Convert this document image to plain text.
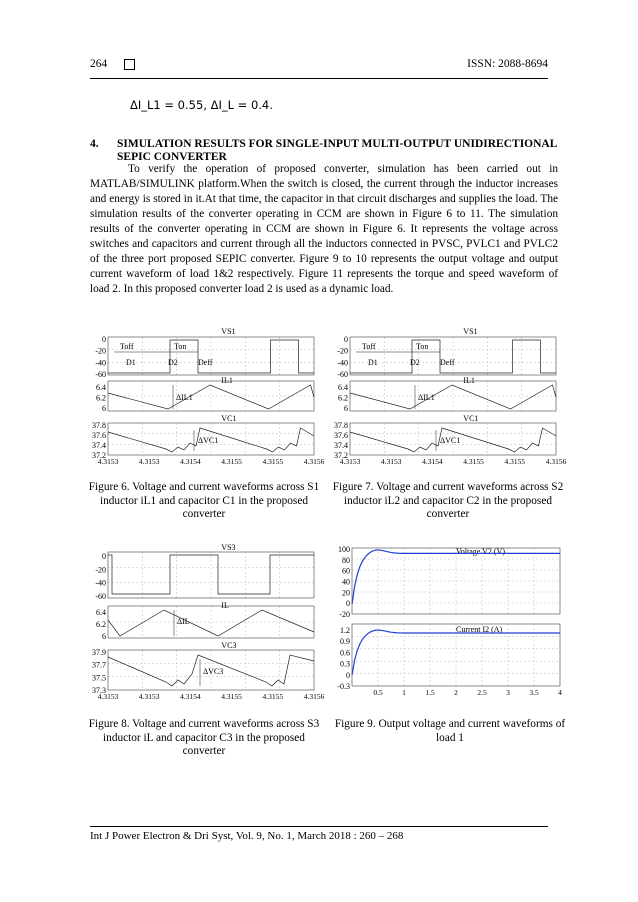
264	ISSN: 2088-8694
ΔI_L1 = 0.55, ΔI_L = 0.4.
4. SIMULATION RESULTS FOR SINGLE-INPUT MULTI-OUTPUT UNIDIRECTIONAL SEPIC CONVERTER
To verify the operation of proposed converter, simulation has been carried out in MATLAB/SIMULINK platform.When the switch is closed, the current through the inductor increases and energy is stored in it.At that time, the capacitor in that circuit discharges and supplies the load. The simulation results of the converter operating in CCM are shown in Figure 6 to 11. The simulation results of the converter operating in CCM are shown in Figure 6. It represents the voltage across switches and capacitors and current through all the inductors connected in PVSC, PVLC1 and PVLC2 of the three port proposed SEPIC converter. Figure 9 to 10 represents the output voltage and output current waveform of load 1&2 respectively. Figure 11 represents the torque and speed waveform of load 2. In this proposed converter load 2 is used as a dynamic load.
VS1
IL1
VC1
0
-20
-40
-60
6.4
6.2
6
37.8
37.6
37.4
37.2
4.3153	4.3153	4.3154	4.3155	4.3155	4.3156
Toff	Ton
D1	D2	Deff
ΔIL1
ΔVC1
Figure 6. Voltage and current waveforms across S1 inductor iL1 and capacitor C1 in the proposed converter
VS1
IL1
VC1
0
-20
-40
-60
6.4
6.2
6
37.8
37.6
37.4
37.2
4.3153	4.3153	4.3154	4.3155	4.3155	4.3156
Toff	Ton
D1	D2	Deff
ΔIL1
ΔVC1
Figure 7. Voltage and current waveforms across S2 inductor iL2 and capacitor C2 in the proposed converter
VS3
IL
VC3
0
-20
-40
-60
6.4
6.2
6
37.9
37.7
37.5
37.3
4.3153	4.3153	4.3154	4.3155	4.3155	4.3156
ΔIL
ΔVC3
Figure 8. Voltage and current waveforms across S3 inductor iL and capacitor C3 in the proposed converter
100
80
60
40
20
0
-20
1.2
0.9
0.6
0.3
0
-0.3
Voltage V2 (V)
Current I2 (A)
0.5	1	1.5	2	2.5	3	3.5	4
Figure 9. Output voltage and current waveforms of load 1
Int J Power Electron & Dri Syst, Vol. 9, No. 1, March 2018 : 260 – 268
